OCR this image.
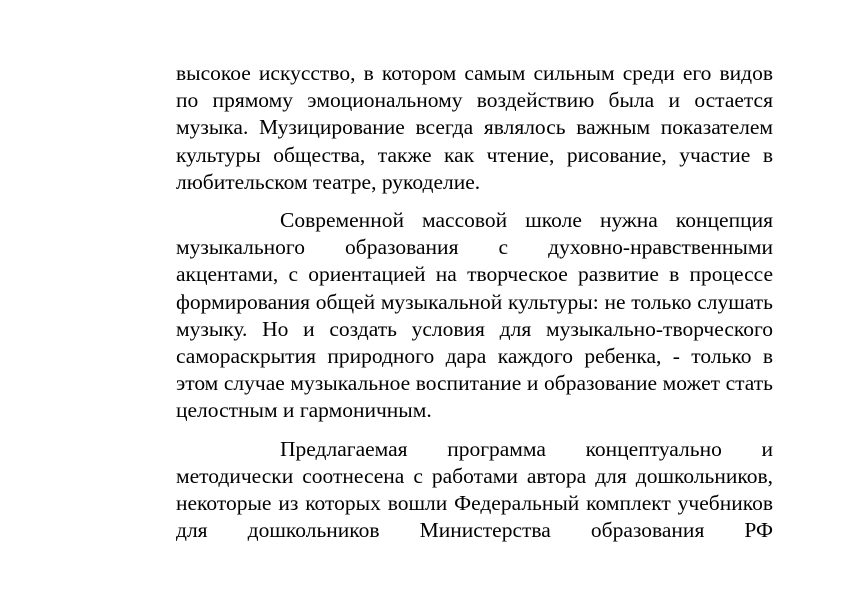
высокое искусство, в котором самым сильным среди его видов по прямому эмоциональному воздействию была и остается музыка. Музицирование всегда являлось важным показателем культуры общества, также как чтение, рисование, участие в любительском театре, рукоделие.

Современной массовой школе нужна концепция музыкального образования с духовно-нравственными акцентами, с ориентацией на творческое развитие в процессе формирования общей музыкальной культуры: не только слушать музыку. Но и создать условия для музыкально-творческого самораскрытия природного дара каждого ребенка, - только в этом случае музыкальное воспитание и образование может стать целостным и гармоничным.

Предлагаемая программа концептуально и методически соотнесена с работами автора для дошкольников, некоторые из которых вошли Федеральный комплект учебников для дошкольников Министерства образования РФ
